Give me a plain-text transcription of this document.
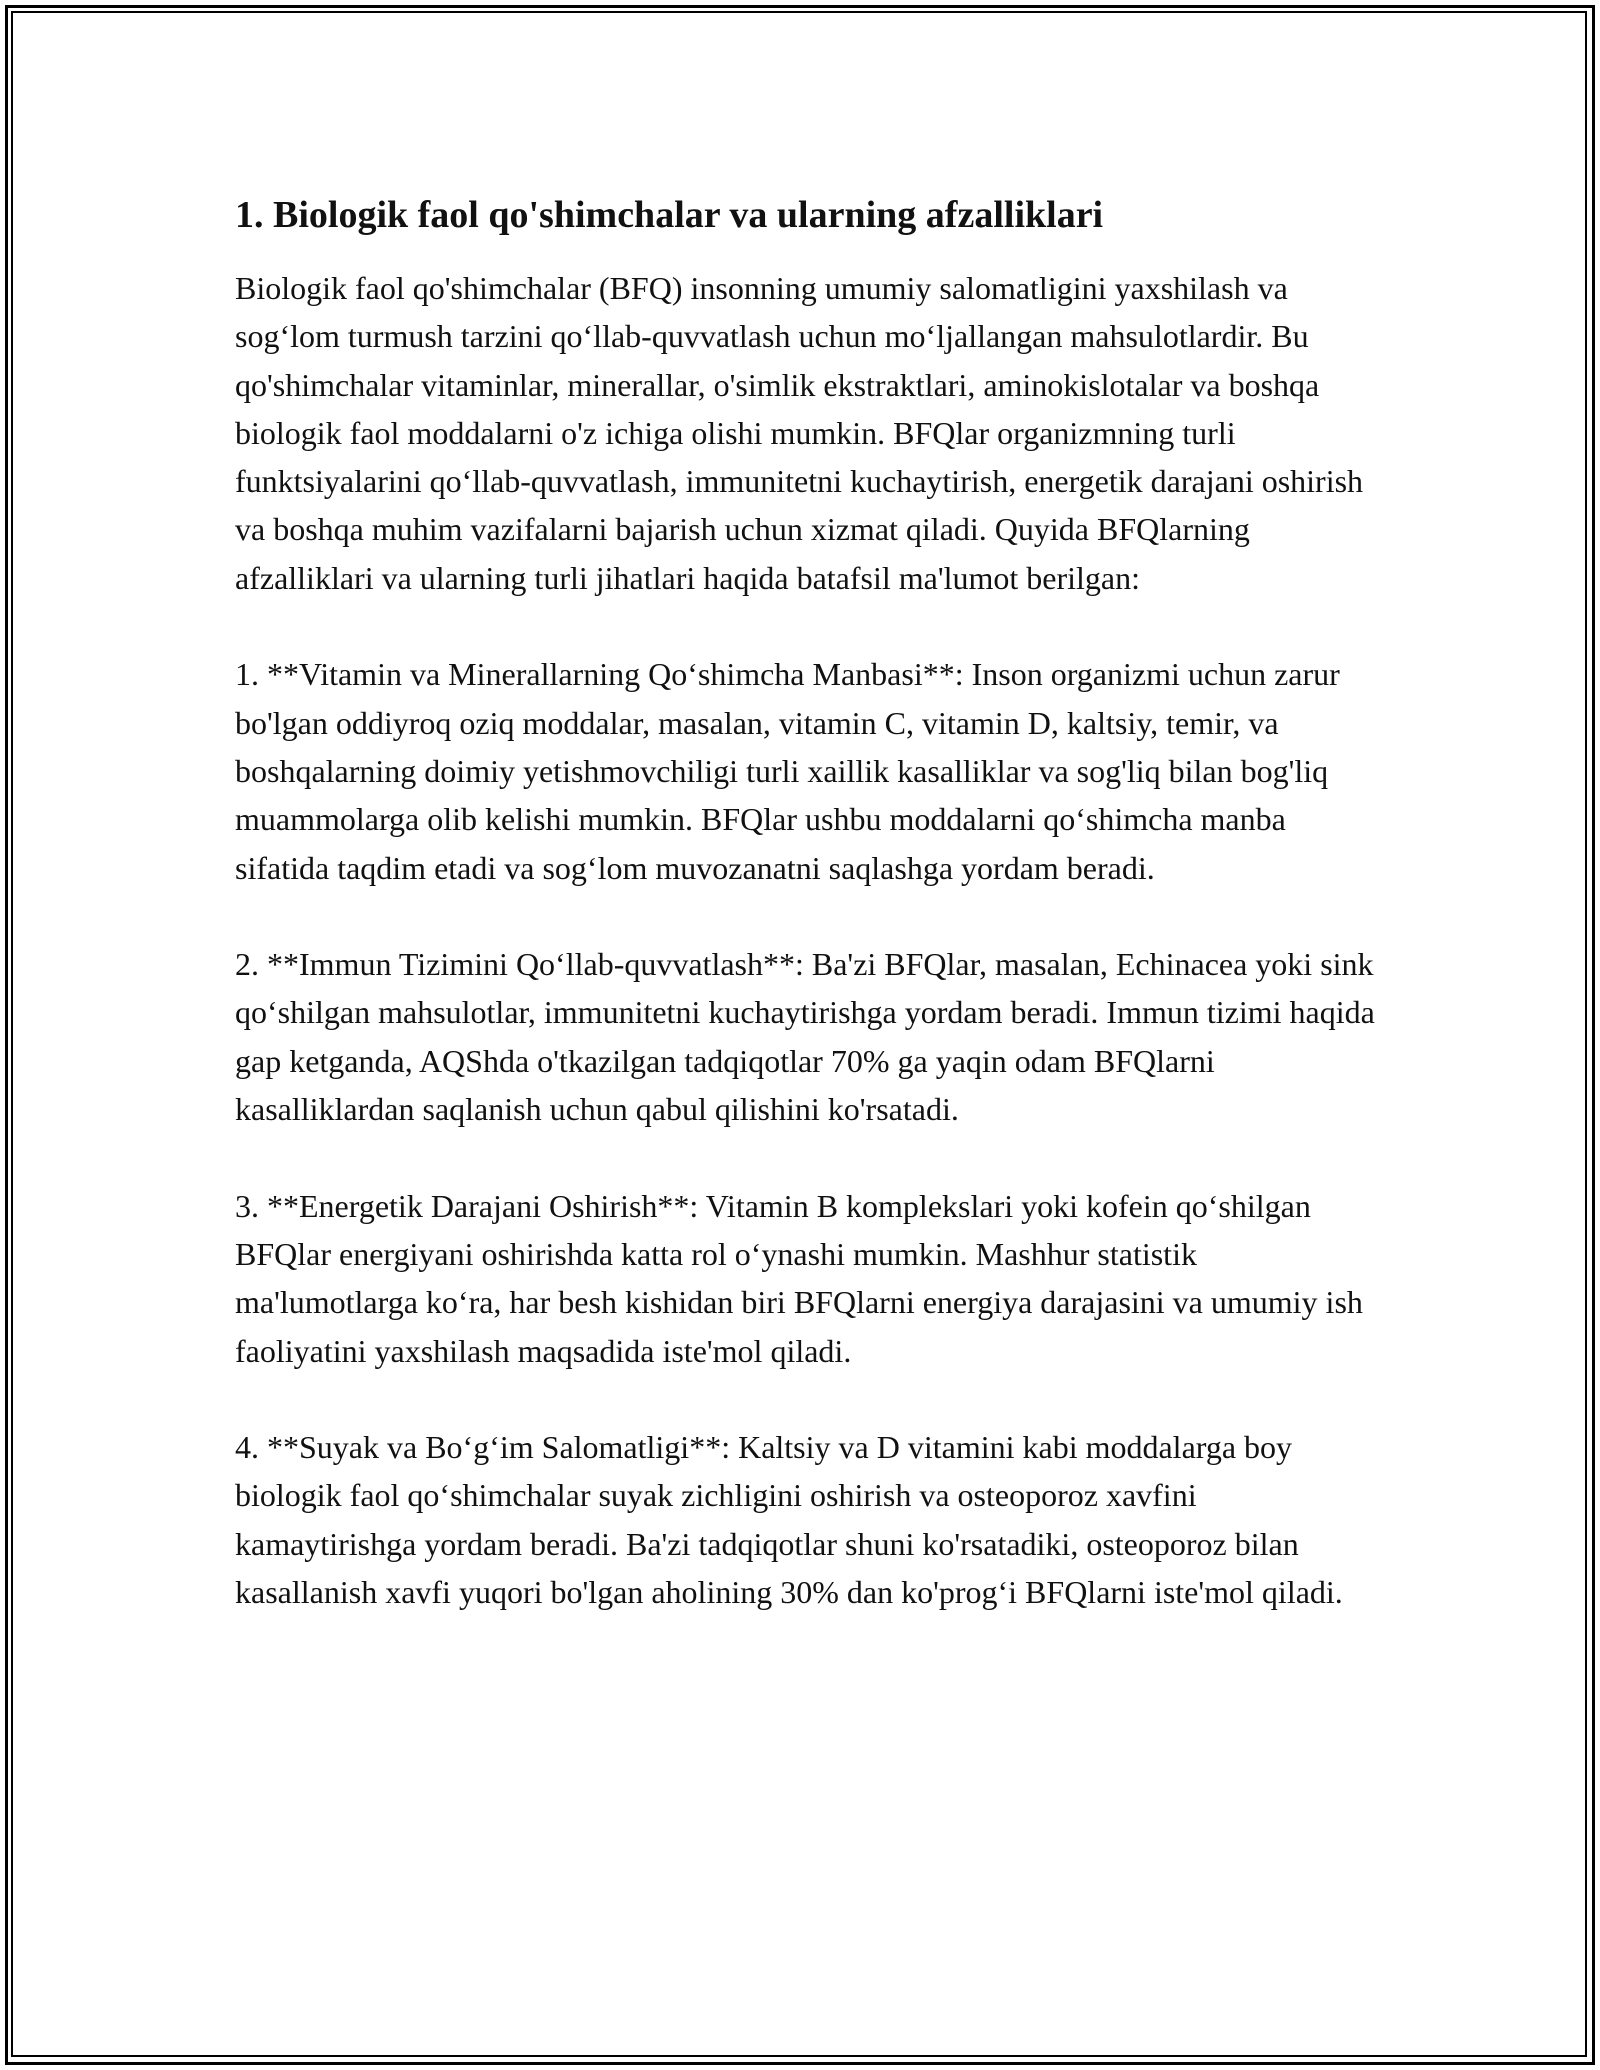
1. Biologik faol qo'shimchalar va ularning afzalliklari

Biologik faol qo'shimchalar (BFQ) insonning umumiy salomatligini yaxshilash va sog‘lom turmush tarzini qo‘llab-quvvatlash uchun mo‘ljallangan mahsulotlardir. Bu qo'shimchalar vitaminlar, minerallar, o'simlik ekstraktlari, aminokislotalar va boshqa biologik faol moddalarni o'z ichiga olishi mumkin. BFQlar organizmning turli funktsiyalarini qo‘llab-quvvatlash, immunitetni kuchaytirish, energetik darajani oshirish va boshqa muhim vazifalarni bajarish uchun xizmat qiladi. Quyida BFQlarning afzalliklari va ularning turli jihatlari haqida batafsil ma'lumot berilgan:

1. **Vitamin va Minerallarning Qo‘shimcha Manbasi**: Inson organizmi uchun zarur bo'lgan oddiyroq oziq moddalar, masalan, vitamin C, vitamin D, kaltsiy, temir, va boshqalarning doimiy yetishmovchiligi turli xaillik kasalliklar va sog'liq bilan bog'liq muammolarga olib kelishi mumkin. BFQlar ushbu moddalarni qo‘shimcha manba sifatida taqdim etadi va sog‘lom muvozanatni saqlashga yordam beradi.

2. **Immun Tizimini Qo‘llab-quvvatlash**: Ba'zi BFQlar, masalan, Echinacea yoki sink qo‘shilgan mahsulotlar, immunitetni kuchaytirishga yordam beradi. Immun tizimi haqida gap ketganda, AQShda o'tkazilgan tadqiqotlar 70% ga yaqin odam BFQlarni kasalliklardan saqlanish uchun qabul qilishini ko'rsatadi.

3. **Energetik Darajani Oshirish**: Vitamin B komplekslari yoki kofein qo‘shilgan BFQlar energiyani oshirishda katta rol o‘ynashi mumkin. Mashhur statistik ma'lumotlarga ko‘ra, har besh kishidan biri BFQlarni energiya darajasini va umumiy ish faoliyatini yaxshilash maqsadida iste'mol qiladi.

4. **Suyak va Bo‘g‘im Salomatligi**: Kaltsiy va D vitamini kabi moddalarga boy biologik faol qo‘shimchalar suyak zichligini oshirish va osteoporoz xavfini kamaytirishga yordam beradi. Ba'zi tadqiqotlar shuni ko'rsatadiki, osteoporoz bilan kasallanish xavfi yuqori bo'lgan aholining 30% dan ko'prog‘i BFQlarni iste'mol qiladi.
